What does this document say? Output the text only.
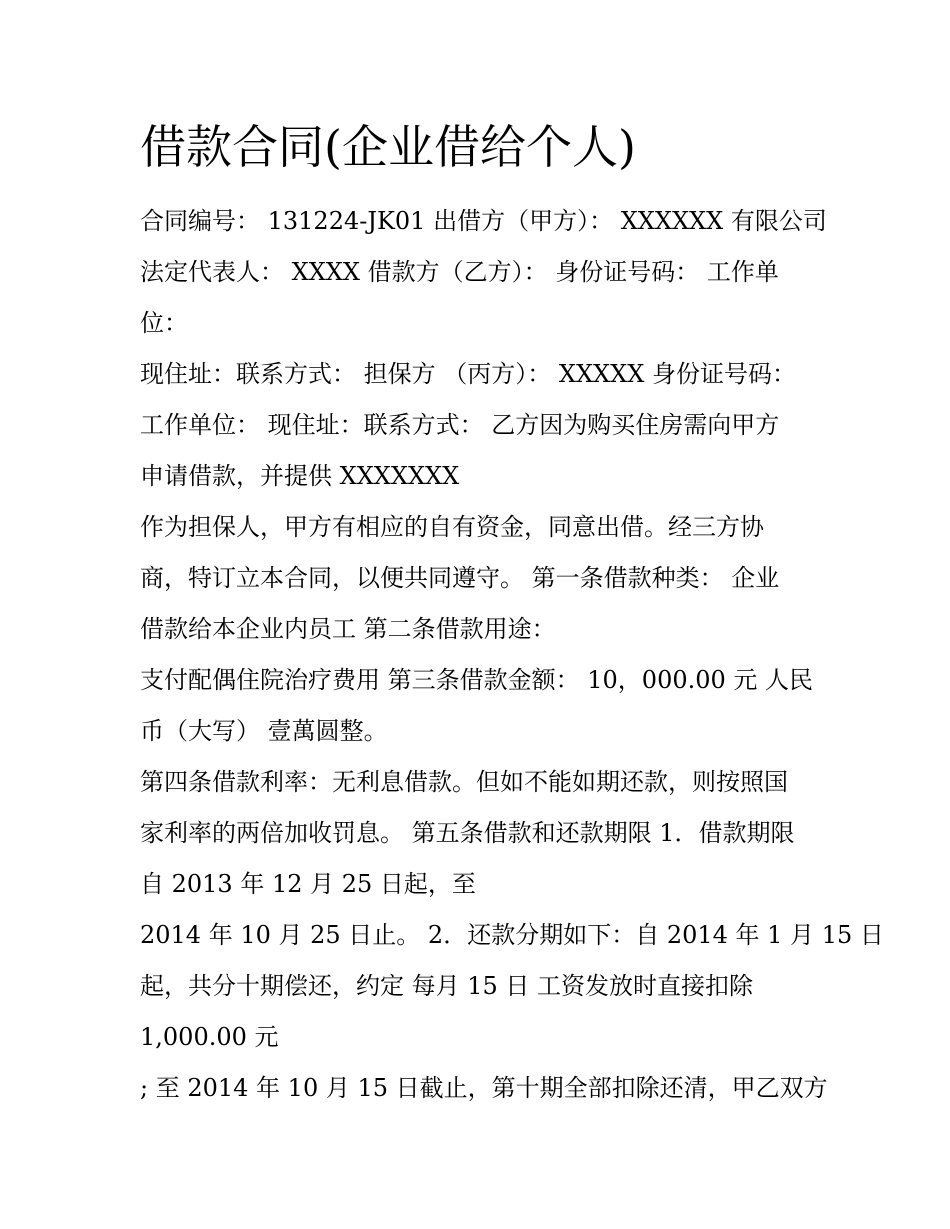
借款合同(企业借给个人)
合同编号： 131224-JK01 出借方（甲方）： XXXXXX 有限公司
法定代表人： XXXX 借款方（乙方）： 身份证号码： 工作单
位：
现住址：联系方式： 担保方 （丙方）： XXXXX 身份证号码：
工作单位： 现住址：联系方式： 乙方因为购买住房需向甲方
申请借款，并提供 XXXXXXX
作为担保人，甲方有相应的自有资金，同意出借。经三方协
商，特订立本合同，以便共同遵守。 第一条借款种类： 企业
借款给本企业内员工 第二条借款用途：
支付配偶住院治疗费用 第三条借款金额： 10，000.00 元 人民
币（大写） 壹萬圆整。
第四条借款利率：无利息借款。但如不能如期还款，则按照国
家利率的两倍加收罚息。 第五条借款和还款期限 1．借款期限
自 2013 年 12 月 25 日起，至
2014 年 10 月 25 日止。 2．还款分期如下：自 2014 年 1 月 15 日
起，共分十期偿还，约定 每月 15 日 工资发放时直接扣除
1,000.00 元
; 至 2014 年 10 月 15 日截止，第十期全部扣除还清，甲乙双方
